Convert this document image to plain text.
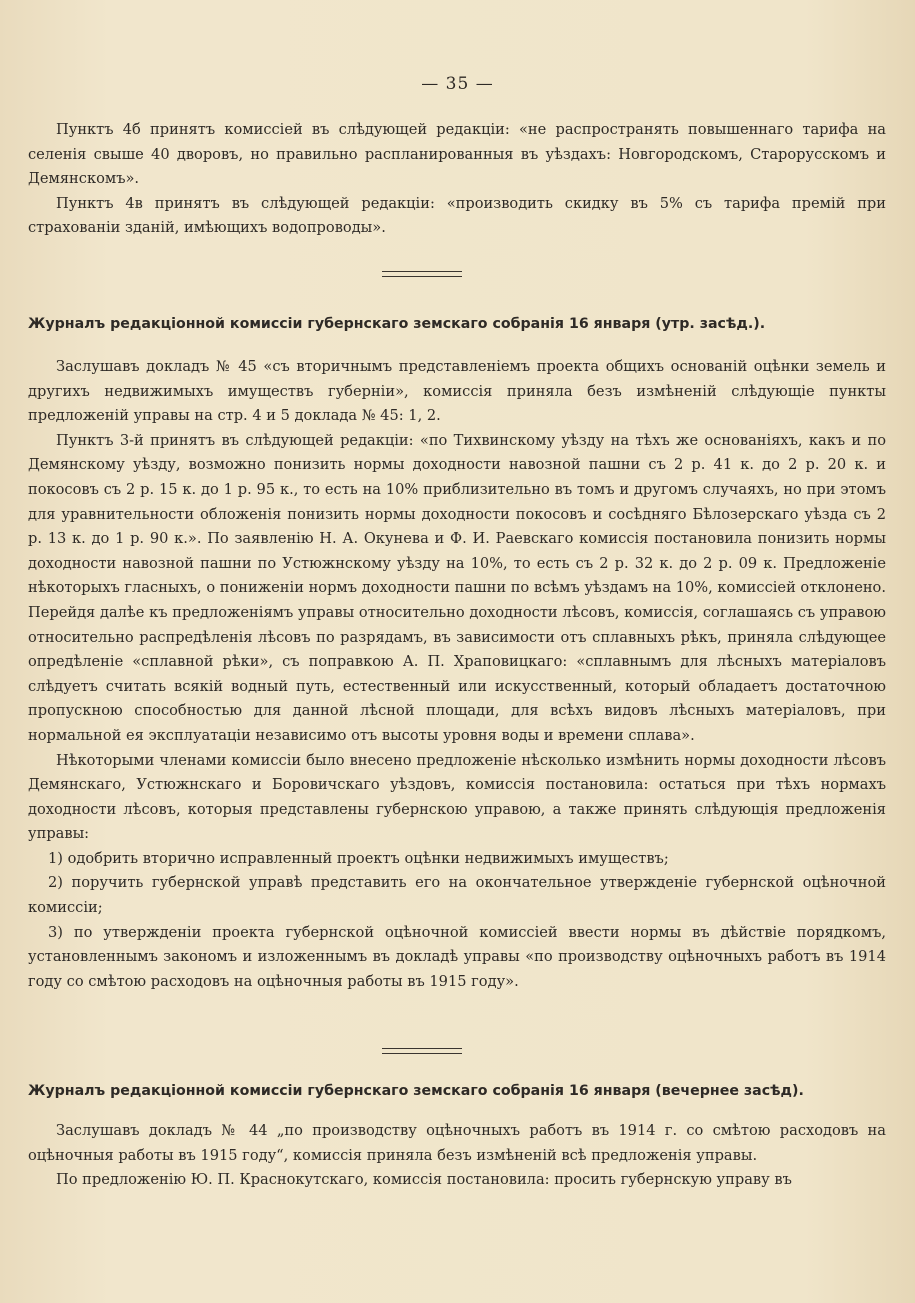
— 35 —

Пунктъ 4б принятъ комиссіей въ слѣдующей редакціи: «не распространять повышеннаго тарифа на селенія свыше 40 дворовъ, но правильно распланированныя въ уѣздахъ: Новгородскомъ, Старорусскомъ и Демянскомъ».

Пунктъ 4в принятъ въ слѣдующей редакціи: «производить скидку въ 5% съ тарифа премій при страхованіи зданій, имѣющихъ водопроводы».

Журналъ редакціонной комиссіи губернскаго земскаго собранія 16 января (утр. засѣд.).

Заслушавъ докладъ № 45 «съ вторичнымъ представленіемъ проекта общихъ основаній оцѣнки земель и другихъ недвижимыхъ имуществъ губерніи», комиссія приняла безъ измѣненій слѣдующіе пункты предложеній управы на стр. 4 и 5 доклада № 45: 1, 2.

Пунктъ 3-й принятъ въ слѣдующей редакціи: «по Тихвинскому уѣзду на тѣхъ же основаніяхъ, какъ и по Демянскому уѣзду, возможно понизить нормы доходности навозной пашни съ 2 р. 41 к. до 2 р. 20 к. и покосовъ съ 2 р. 15 к. до 1 р. 95 к., то есть на 10% приблизительно въ томъ и другомъ случаяхъ, но при этомъ для уравнительности обложенія понизить нормы доходности покосовъ и сосѣдняго Бѣлозерскаго уѣзда съ 2 р. 13 к. до 1 р. 90 к.». По заявленію Н. А. Окунева и Ф. И. Раевскаго комиссія постановила понизить нормы доходности навозной пашни по Устюжнскому уѣзду на 10%, то есть съ 2 р. 32 к. до 2 р. 09 к. Предложеніе нѣкоторыхъ гласныхъ, о пониженіи нормъ доходности пашни по всѣмъ уѣздамъ на 10%, комиссіей отклонено. Перейдя далѣе къ предложеніямъ управы относительно доходности лѣсовъ, комиссія, соглашаясь съ управою относительно распредѣленія лѣсовъ по разрядамъ, въ зависимости отъ сплавныхъ рѣкъ, приняла слѣдующее опредѣленіе «сплавной рѣки», съ поправкою А. П. Храповицкаго: «сплавнымъ для лѣсныхъ матеріаловъ слѣдуетъ считать всякій водный путь, естественный или искусственный, который обладаетъ достаточною пропускною способностью для данной лѣсной площади, для всѣхъ видовъ лѣсныхъ матеріаловъ, при нормальной ея эксплуатаціи независимо отъ высоты уровня воды и времени сплава».

Нѣкоторыми членами комиссіи было внесено предложеніе нѣсколько измѣнить нормы доходности лѣсовъ Демянскаго, Устюжнскаго и Боровичскаго уѣздовъ, комиссія постановила: остаться при тѣхъ нормахъ доходности лѣсовъ, которыя представлены губернскою управою, а также принять слѣдующія предложенія управы:

1) одобрить вторично исправленный проектъ оцѣнки недвижимыхъ имуществъ;

2) поручить губернской управѣ представить его на окончательное утвержденіе губернской оцѣночной комиссіи;

3) по утвержденіи проекта губернской оцѣночной комиссіей ввести нормы въ дѣйствіе порядкомъ, установленнымъ закономъ и изложеннымъ въ докладѣ управы «по производству оцѣночныхъ работъ въ 1914 году со смѣтою расходовъ на оцѣночныя работы въ 1915 году».

Журналъ редакціонной комиссіи губернскаго земскаго собранія 16 января (вечернее засѣд).

Заслушавъ докладъ № 44 „по производству оцѣночныхъ работъ въ 1914 г. со смѣтою расходовъ на оцѣночныя работы въ 1915 году“, комиссія приняла безъ измѣненій всѣ предложенія управы.

По предложенію Ю. П. Краснокутскаго, комиссія постановила: просить губернскую управу въ
